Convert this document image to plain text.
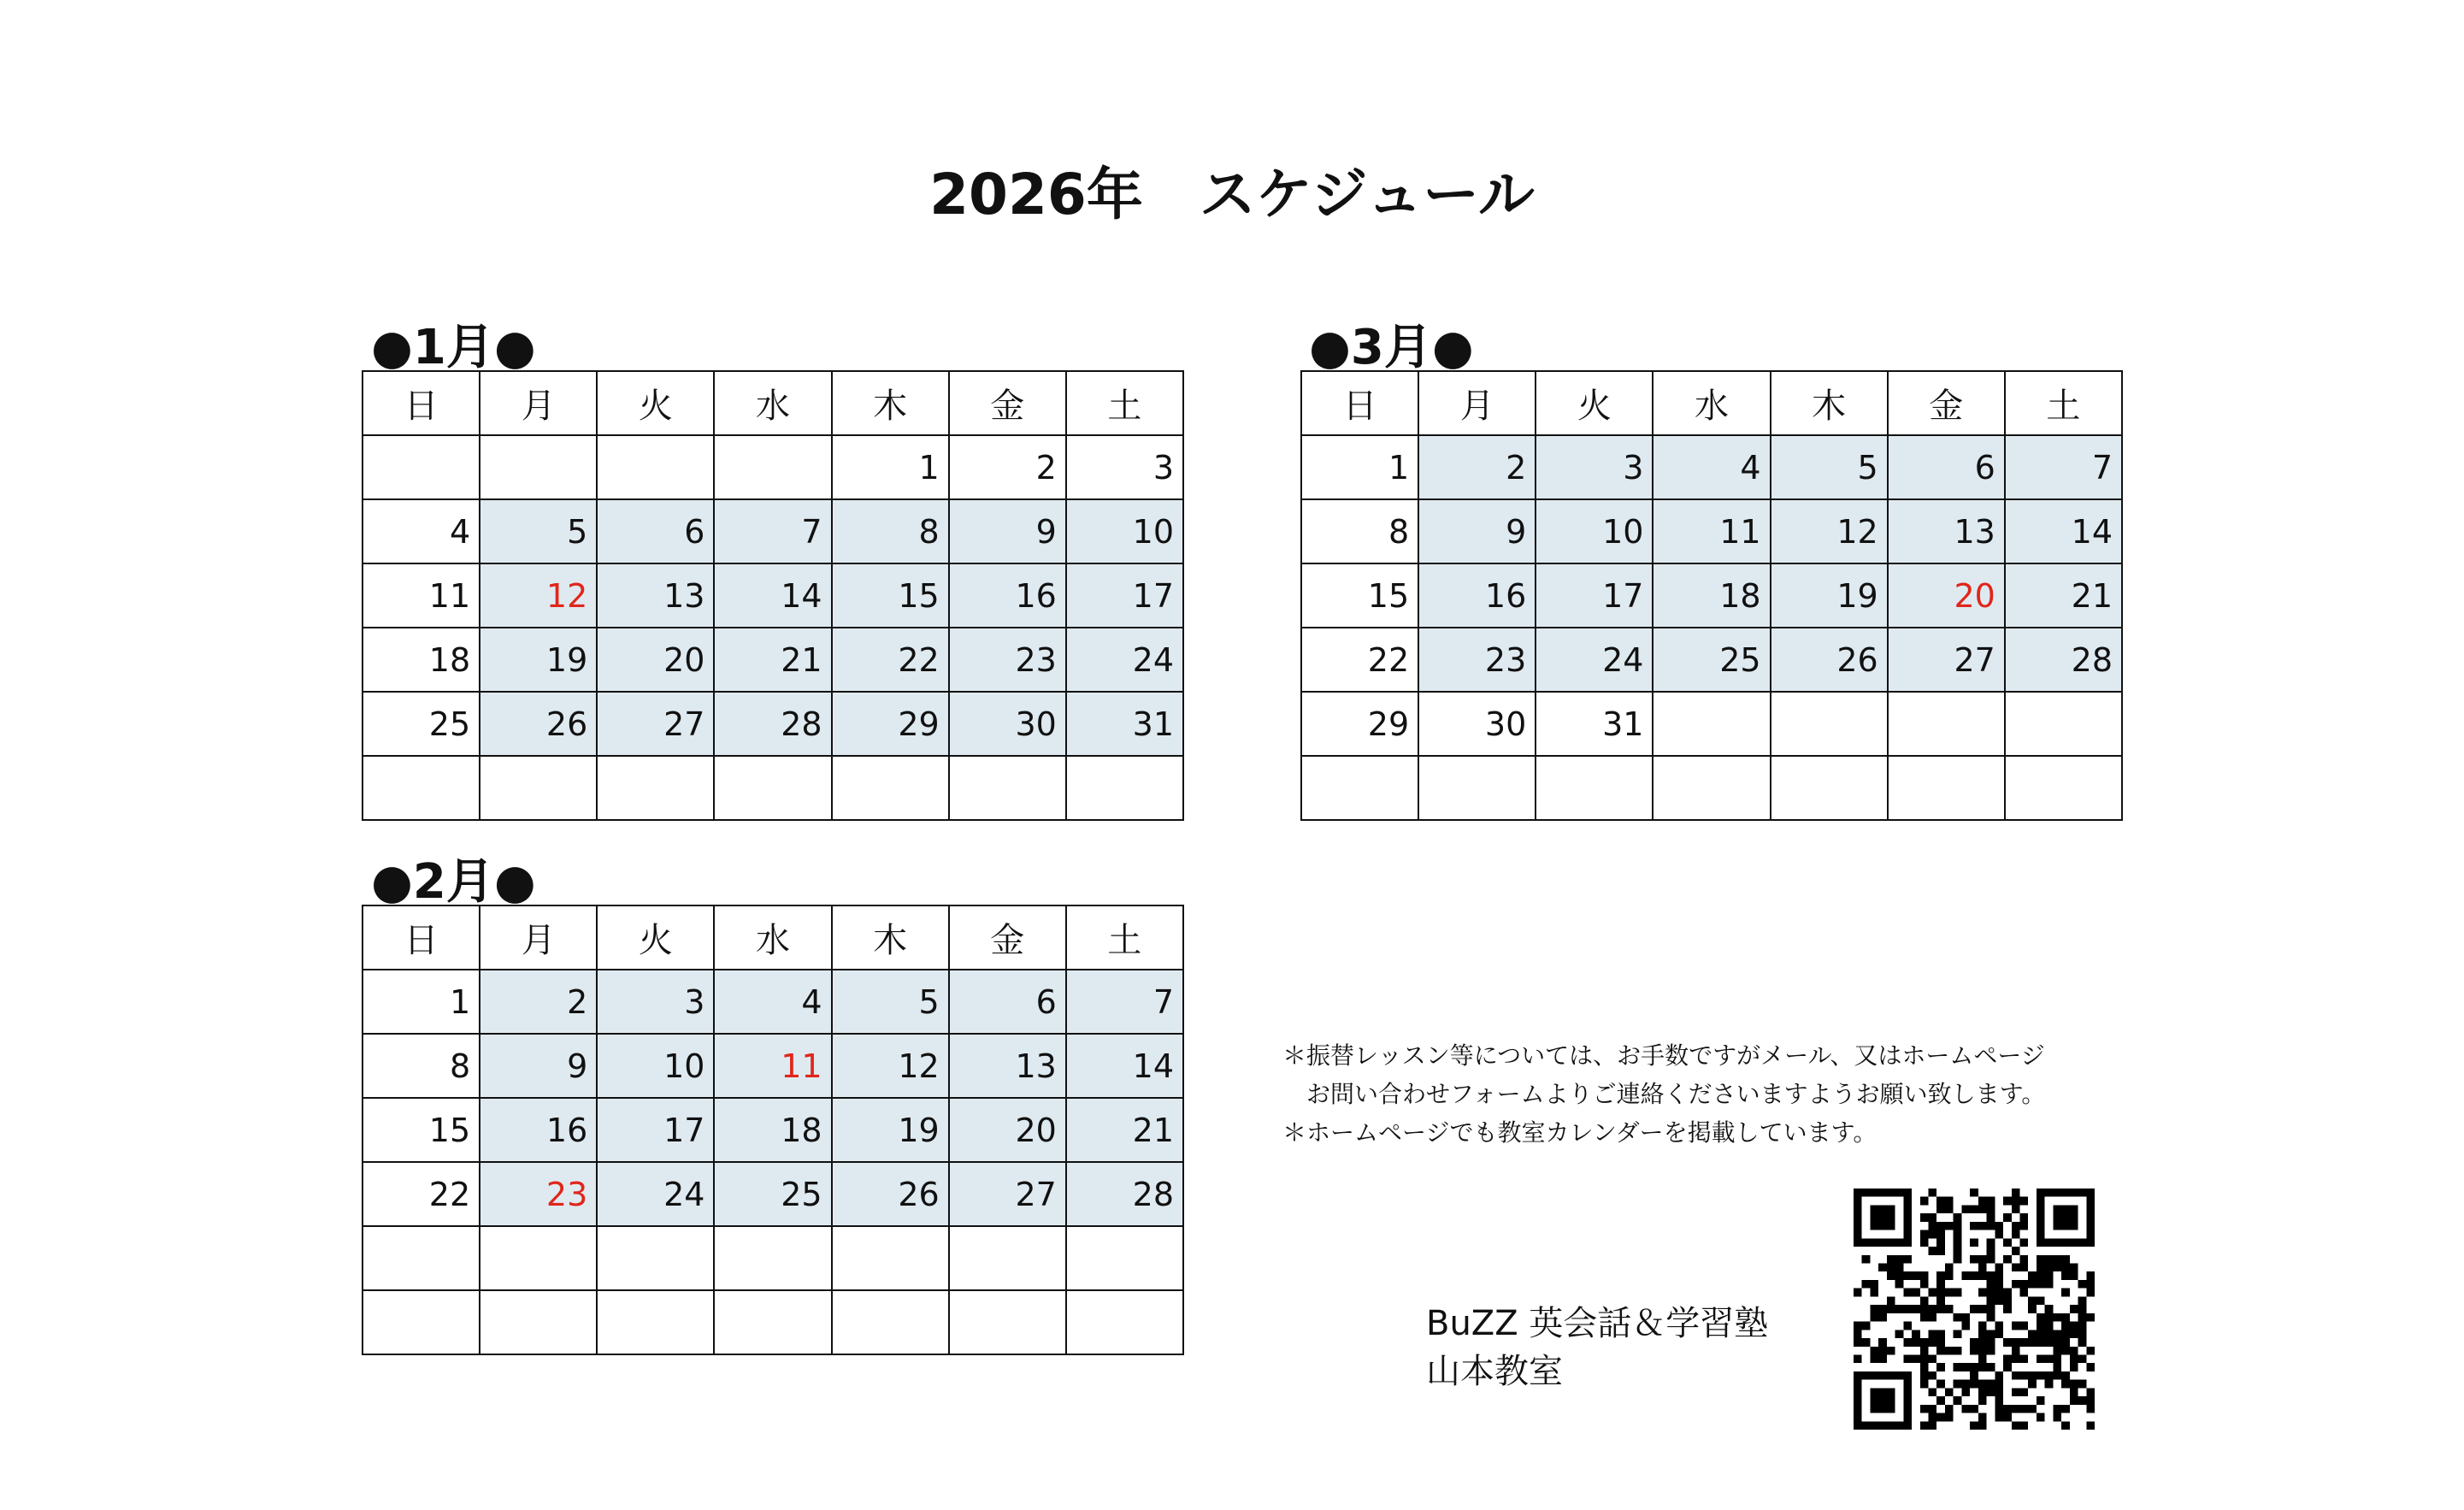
2026年　スケジュール
●1月●
日	月	火	水	木	金	土
				1	2	3
4	5	6	7	8	9	10
11	12	13	14	15	16	17
18	19	20	21	22	23	24
25	26	27	28	29	30	31

●2月●
日	月	火	水	木	金	土
1	2	3	4	5	6	7
8	9	10	11	12	13	14
15	16	17	18	19	20	21
22	23	24	25	26	27	28

●3月●
日	月	火	水	木	金	土
1	2	3	4	5	6	7
8	9	10	11	12	13	14
15	16	17	18	19	20	21
22	23	24	25	26	27	28
29	30	31				

＊振替レッスン等については、お手数ですがメール、又はホームページ
　お問い合わせフォームよりご連絡くださいますようお願い致します。
＊ホームページでも教室カレンダーを掲載しています。
BuZZ 英会話＆学習塾
山本教室
